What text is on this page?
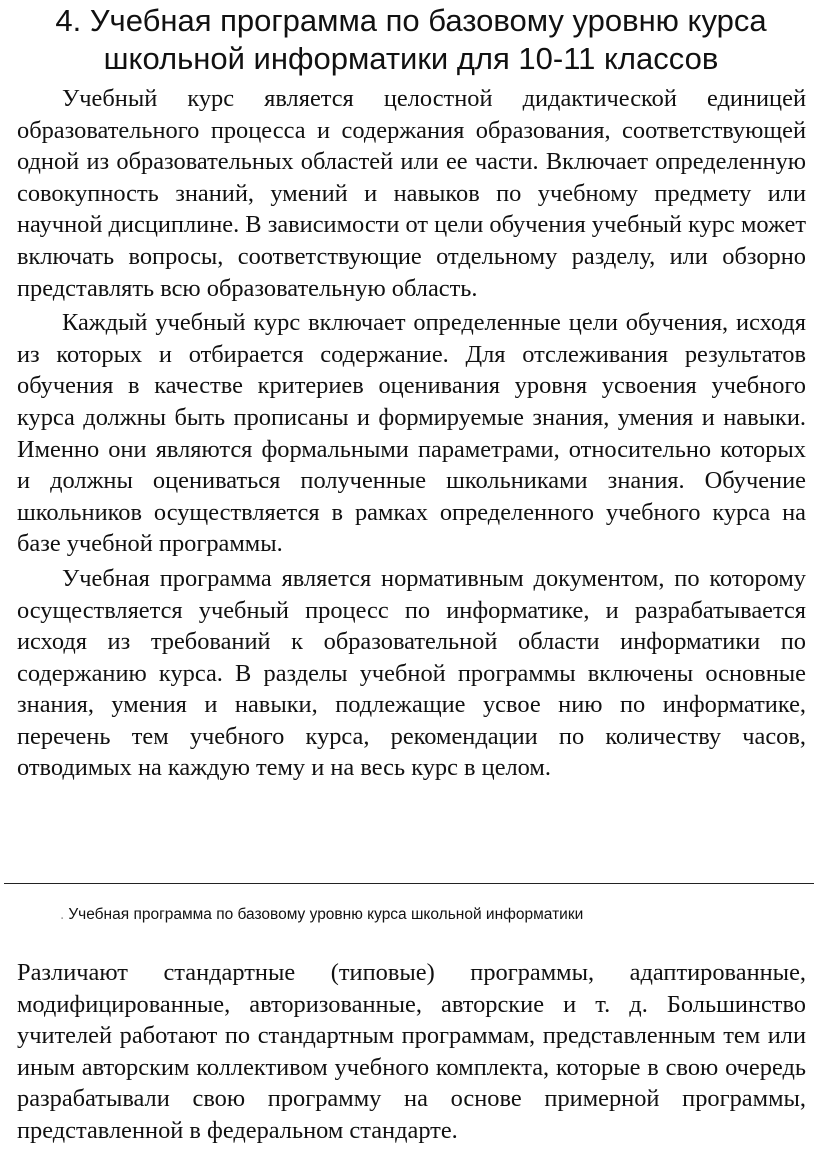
4. Учебная программа по базовому уровню курса школьной информатики для 10-11 классов

Учебный курс является целостной дидактической единицей образовательного процесса и содержания образования, соответствующей одной из образовательных областей или ее части. Включает определенную совокупность знаний, умений и навыков по учебному предмету или научной дисциплине. В зависимости от цели обучения учебный курс может включать вопросы, соответствующие отдельному разделу, или обзорно представлять всю образовательную область.

Каждый учебный курс включает определенные цели обучения, исходя из которых и отбирается содержание. Для отслеживания результатов обучения в качестве критериев оценивания уровня усвоения учебного курса должны быть прописаны и формируемые знания, умения и навыки. Именно они являются формальными параметрами, относительно которых и должны оцениваться полученные школьниками знания. Обучение школьников осуществляется в рамках определенного учебного курса на базе учебной программы.

Учебная программа является нормативным документом, по которому осуществляется учебный процесс по информатике, и разрабатывается исходя из требований к образовательной области информатики по содержанию курса. В разделы учебной программы включены основные знания, умения и навыки, подлежащие усвое нию по информатике, перечень тем учебного курса, рекомендации по количеству часов, отводимых на каждую тему и на весь курс в целом.

. Учебная программа по базовому уровню курса школьной информатики

Различают стандартные (типовые) программы, адаптированные, модифицированные, авторизованные, авторские и т. д. Большинство учителей работают по стандартным программам, представленным тем или иным авторским коллективом учебного комплекта, которые в свою очередь разрабатывали свою программу на основе примерной программы, представленной в федеральном стандарте.
